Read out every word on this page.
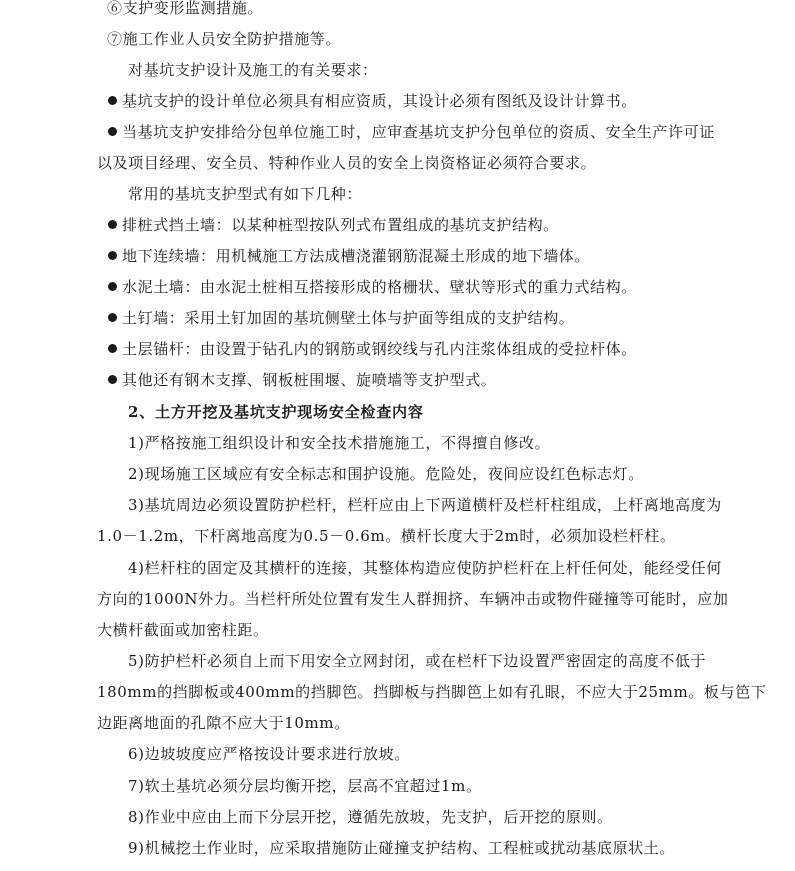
⑥支护变形监测措施。
⑦施工作业人员安全防护措施等。
对基坑支护设计及施工的有关要求：
基坑支护的设计单位必须具有相应资质，其设计必须有图纸及设计计算书。
当基坑支护安排给分包单位施工时，应审查基坑支护分包单位的资质、安全生产许可证
以及项目经理、安全员、特种作业人员的安全上岗资格证必须符合要求。
常用的基坑支护型式有如下几种：
排桩式挡土墙：以某种桩型按队列式布置组成的基坑支护结构。
地下连续墙：用机械施工方法成槽浇灌钢筋混凝土形成的地下墙体。
水泥土墙：由水泥土桩相互搭接形成的格栅状、壁状等形式的重力式结构。
土钉墙：采用土钉加固的基坑侧壁土体与护面等组成的支护结构。
土层锚杆：由设置于钻孔内的钢筋或钢绞线与孔内注浆体组成的受拉杆体。
其他还有钢木支撑、钢板桩围堰、旋喷墙等支护型式。
2、土方开挖及基坑支护现场安全检查内容
1)严格按施工组织设计和安全技术措施施工，不得擅自修改。
2)现场施工区域应有安全标志和围护设施。危险处，夜间应设红色标志灯。
3)基坑周边必须设置防护栏杆，栏杆应由上下两道横杆及栏杆柱组成，上杆离地高度为
1.0－1.2m，下杆离地高度为0.5－0.6m。横杆长度大于2m时，必须加设栏杆柱。
4)栏杆柱的固定及其横杆的连接，其整体构造应使防护栏杆在上杆任何处，能经受任何
方向的1000N外力。当栏杆所处位置有发生人群拥挤、车辆冲击或物件碰撞等可能时，应加
大横杆截面或加密柱距。
5)防护栏杆必须自上而下用安全立网封闭，或在栏杆下边设置严密固定的高度不低于
180mm的挡脚板或400mm的挡脚笆。挡脚板与挡脚笆上如有孔眼，不应大于25mm。板与笆下
边距离地面的孔隙不应大于10mm。
6)边坡坡度应严格按设计要求进行放坡。
7)软土基坑必须分层均衡开挖，层高不宜超过1m。
8)作业中应由上而下分层开挖，遵循先放坡，先支护，后开挖的原则。
9)机械挖土作业时，应采取措施防止碰撞支护结构、工程桩或扰动基底原状土。
